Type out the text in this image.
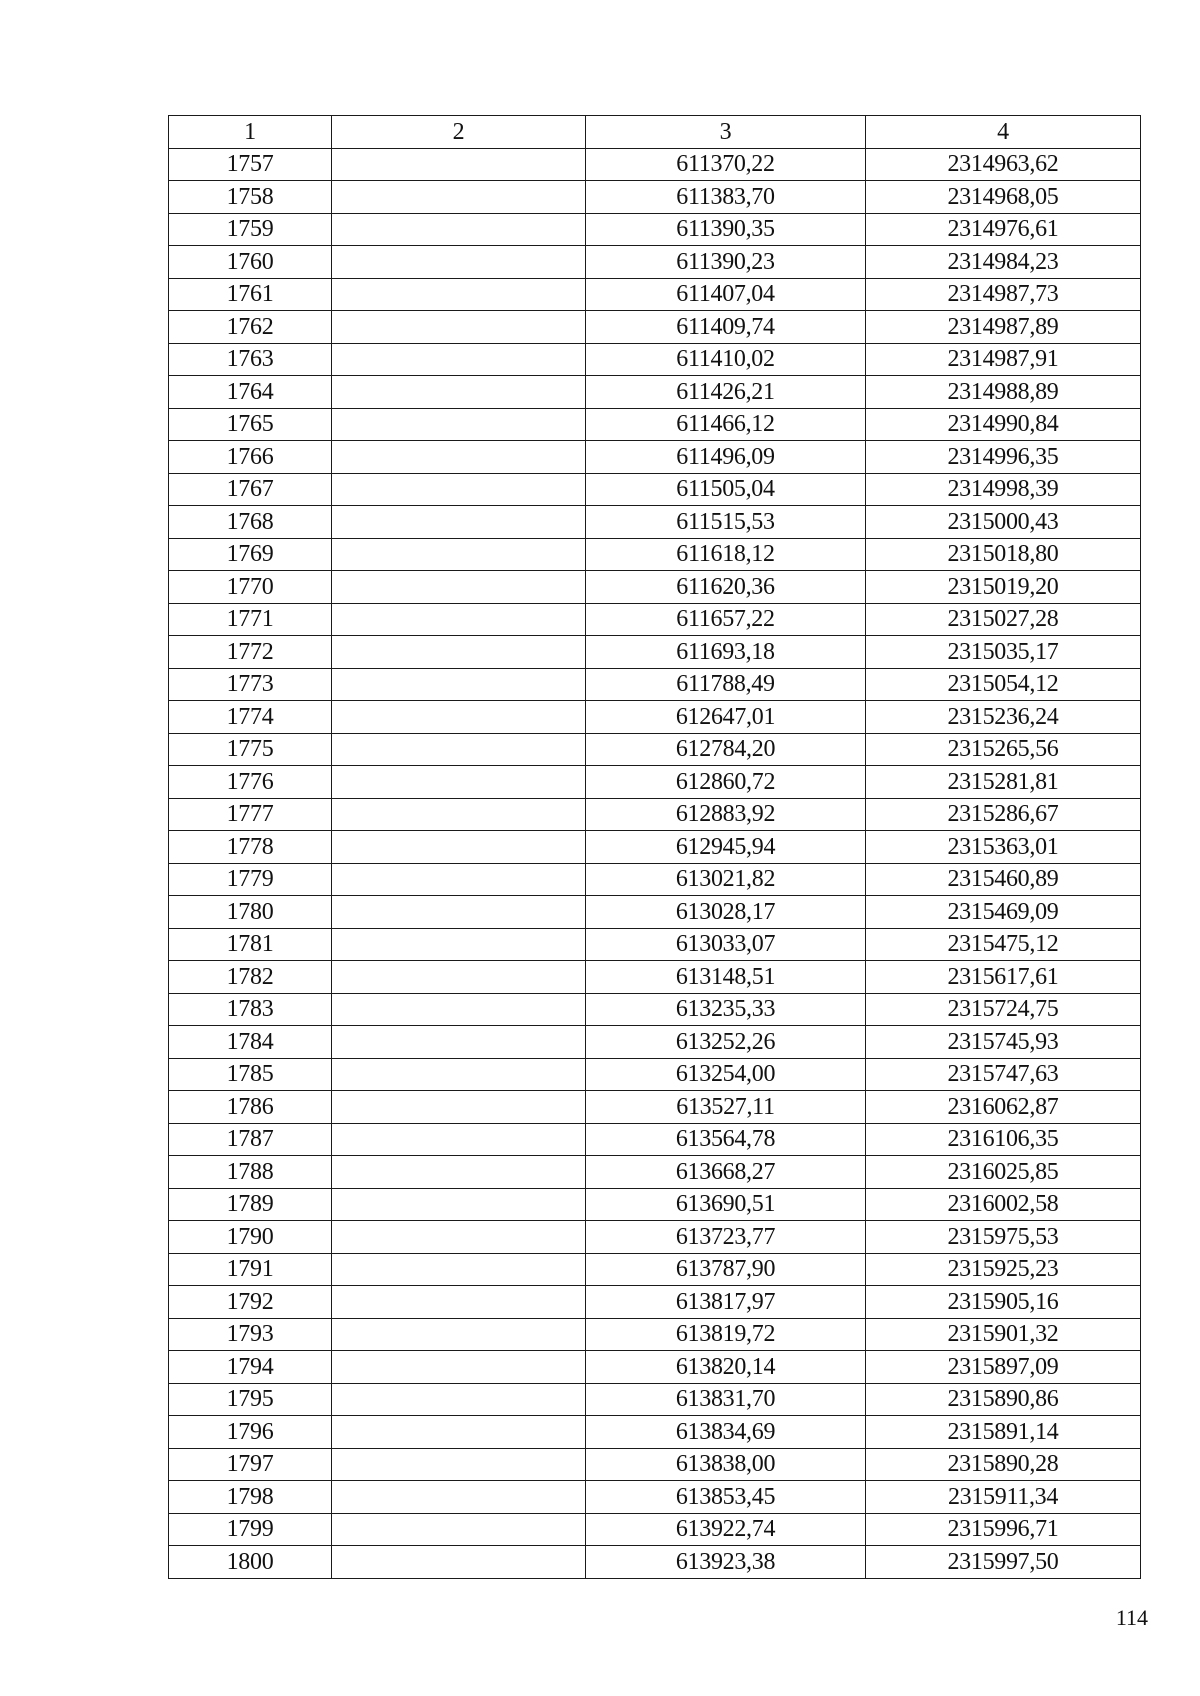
1	2	3	4
1757		611370,22	2314963,62
1758		611383,70	2314968,05
1759		611390,35	2314976,61
1760		611390,23	2314984,23
1761		611407,04	2314987,73
1762		611409,74	2314987,89
1763		611410,02	2314987,91
1764		611426,21	2314988,89
1765		611466,12	2314990,84
1766		611496,09	2314996,35
1767		611505,04	2314998,39
1768		611515,53	2315000,43
1769		611618,12	2315018,80
1770		611620,36	2315019,20
1771		611657,22	2315027,28
1772		611693,18	2315035,17
1773		611788,49	2315054,12
1774		612647,01	2315236,24
1775		612784,20	2315265,56
1776		612860,72	2315281,81
1777		612883,92	2315286,67
1778		612945,94	2315363,01
1779		613021,82	2315460,89
1780		613028,17	2315469,09
1781		613033,07	2315475,12
1782		613148,51	2315617,61
1783		613235,33	2315724,75
1784		613252,26	2315745,93
1785		613254,00	2315747,63
1786		613527,11	2316062,87
1787		613564,78	2316106,35
1788		613668,27	2316025,85
1789		613690,51	2316002,58
1790		613723,77	2315975,53
1791		613787,90	2315925,23
1792		613817,97	2315905,16
1793		613819,72	2315901,32
1794		613820,14	2315897,09
1795		613831,70	2315890,86
1796		613834,69	2315891,14
1797		613838,00	2315890,28
1798		613853,45	2315911,34
1799		613922,74	2315996,71
1800		613923,38	2315997,50
114
